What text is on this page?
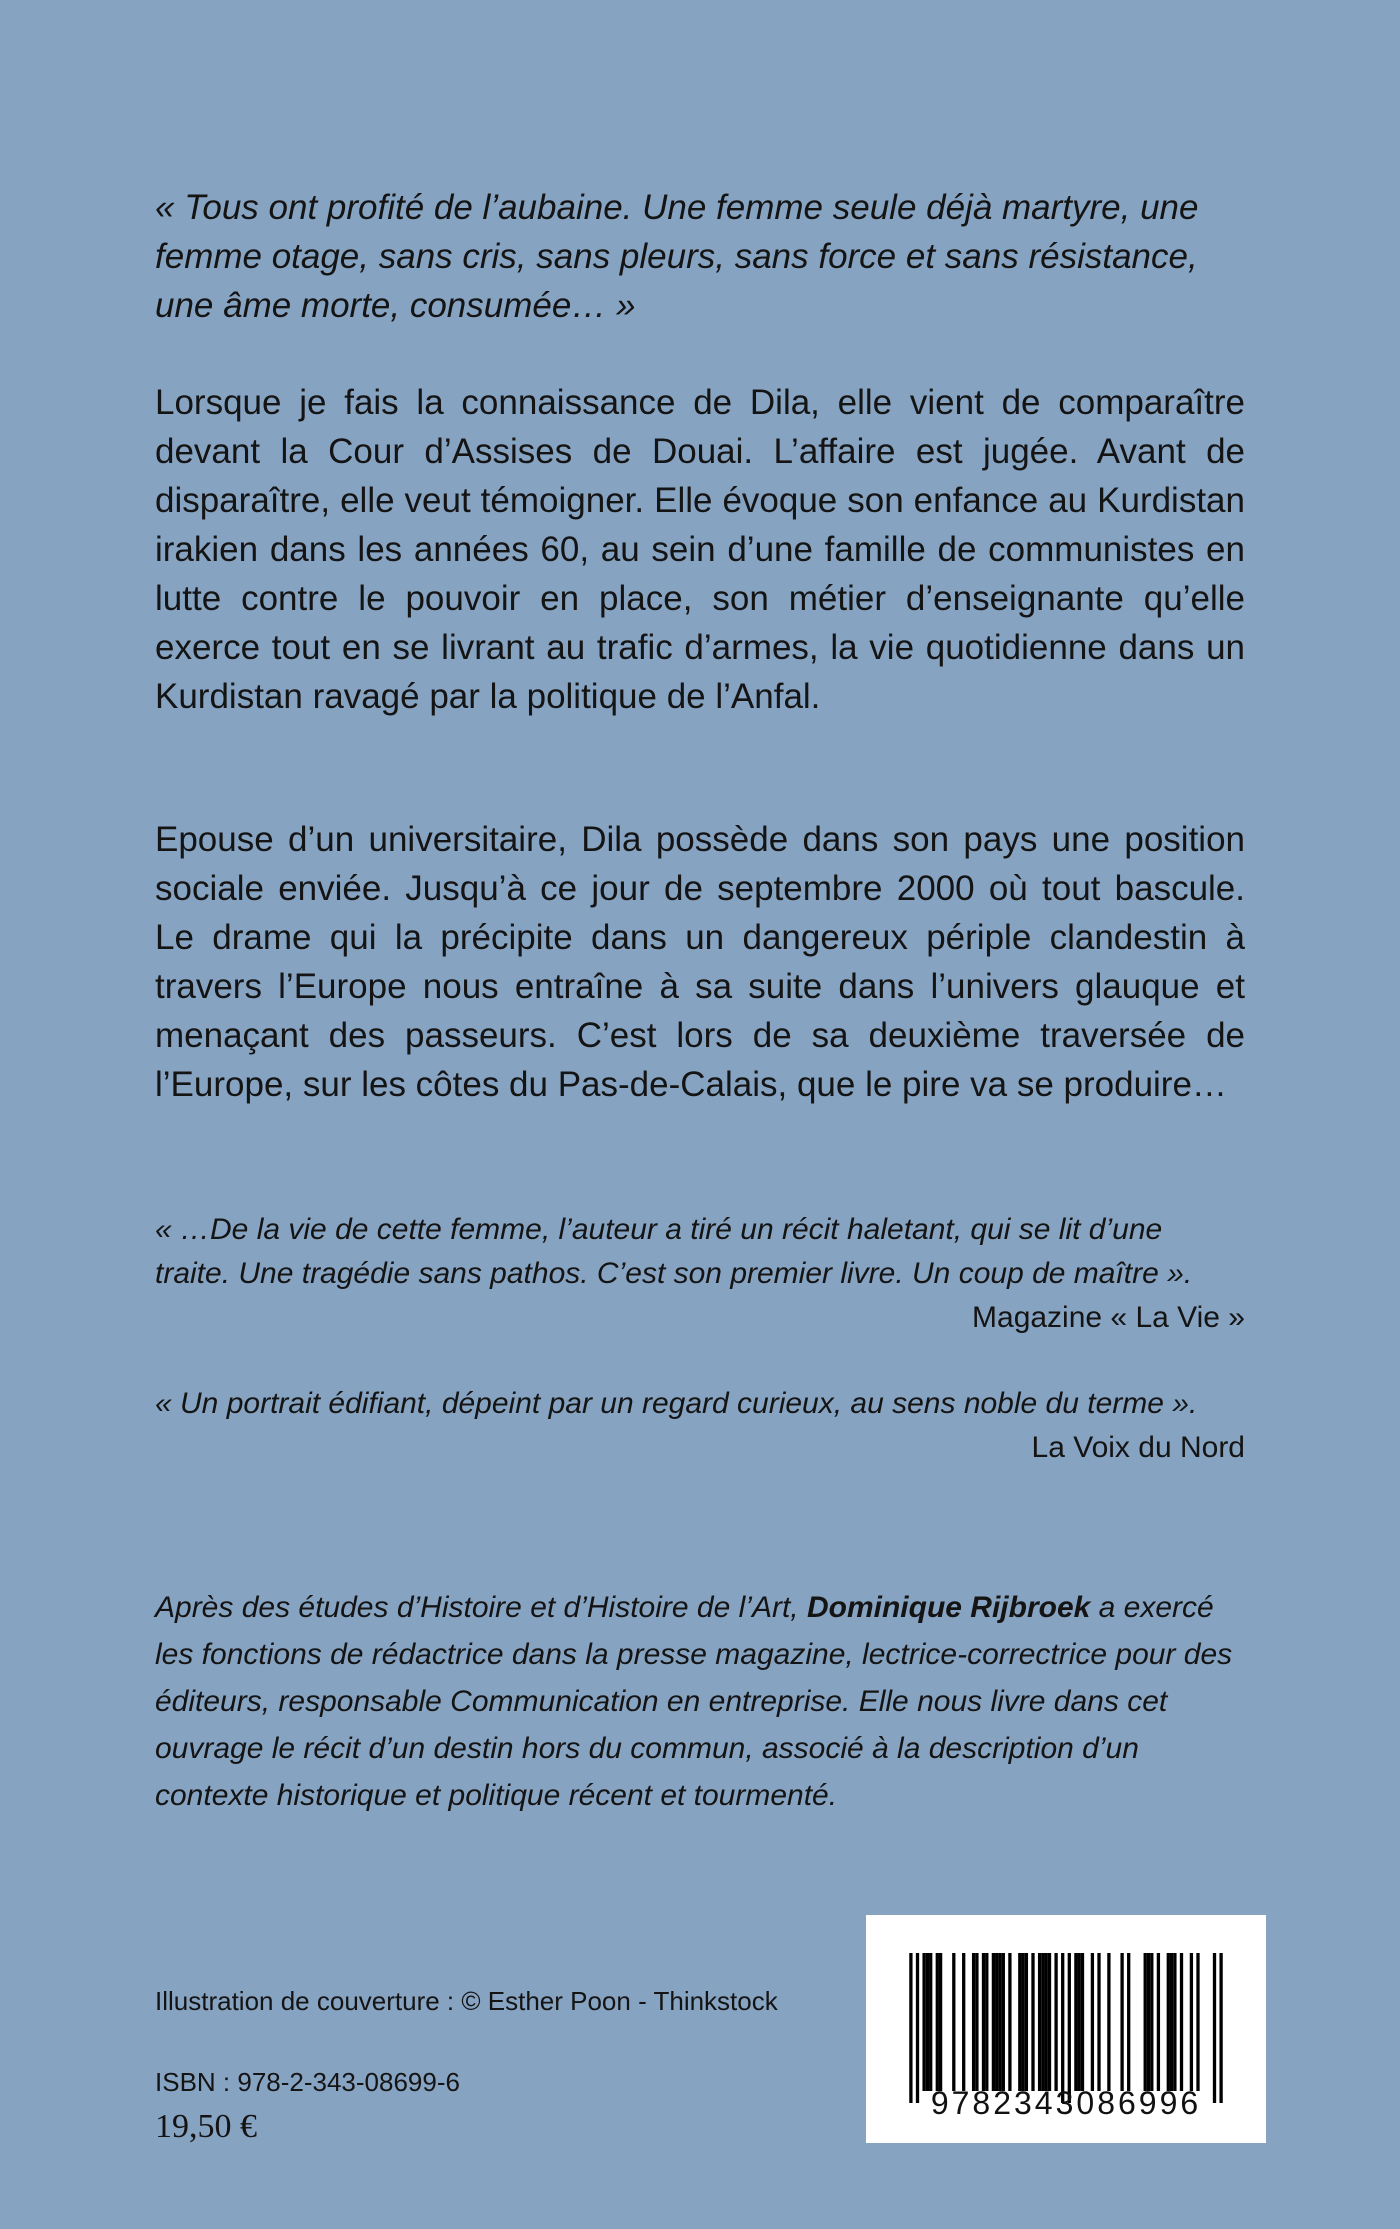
« Tous ont profité de l’aubaine. Une femme seule déjà martyre, une femme otage, sans cris, sans pleurs, sans force et sans résistance, une âme morte, consumée… »
Lorsque je fais la connaissance de Dila, elle vient de comparaître devant la Cour d’Assises de Douai. L’affaire est jugée. Avant de disparaître, elle veut témoigner. Elle évoque son enfance au Kurdistan irakien dans les années 60, au sein d’une famille de communistes en lutte contre le pouvoir en place, son métier d’enseignante qu’elle exerce tout en se livrant au trafic d’armes, la vie quotidienne dans un Kurdistan ravagé par la politique de l’Anfal.
Epouse d’un universitaire, Dila possède dans son pays une position sociale enviée. Jusqu’à ce jour de septembre 2000 où tout bascule. Le drame qui la précipite dans un dangereux périple clandestin à travers l’Europe nous entraîne à sa suite dans l’univers glauque et menaçant des passeurs. C’est lors de sa deuxième traversée de l’Europe, sur les côtes du Pas-de-Calais, que le pire va se produire…
« …De la vie de cette femme, l’auteur a tiré un récit haletant, qui se lit d’une traite. Une tragédie sans pathos. C’est son premier livre. Un coup de maître ».
Magazine « La Vie »
« Un portrait édifiant, dépeint par un regard curieux, au sens noble du terme ».
La Voix du Nord
Après des études d’Histoire et d’Histoire de l’Art, Dominique Rijbroek a exercé les fonctions de rédactrice dans la presse magazine, lectrice-correctrice pour des éditeurs, responsable Communication en entreprise. Elle nous livre dans cet ouvrage le récit d’un destin hors du commun, associé à la description d’un contexte historique et politique récent et tourmenté.
Illustration de couverture : © Esther Poon - Thinkstock
ISBN : 978-2-343-08699-6
19,50 €
9782343086996
